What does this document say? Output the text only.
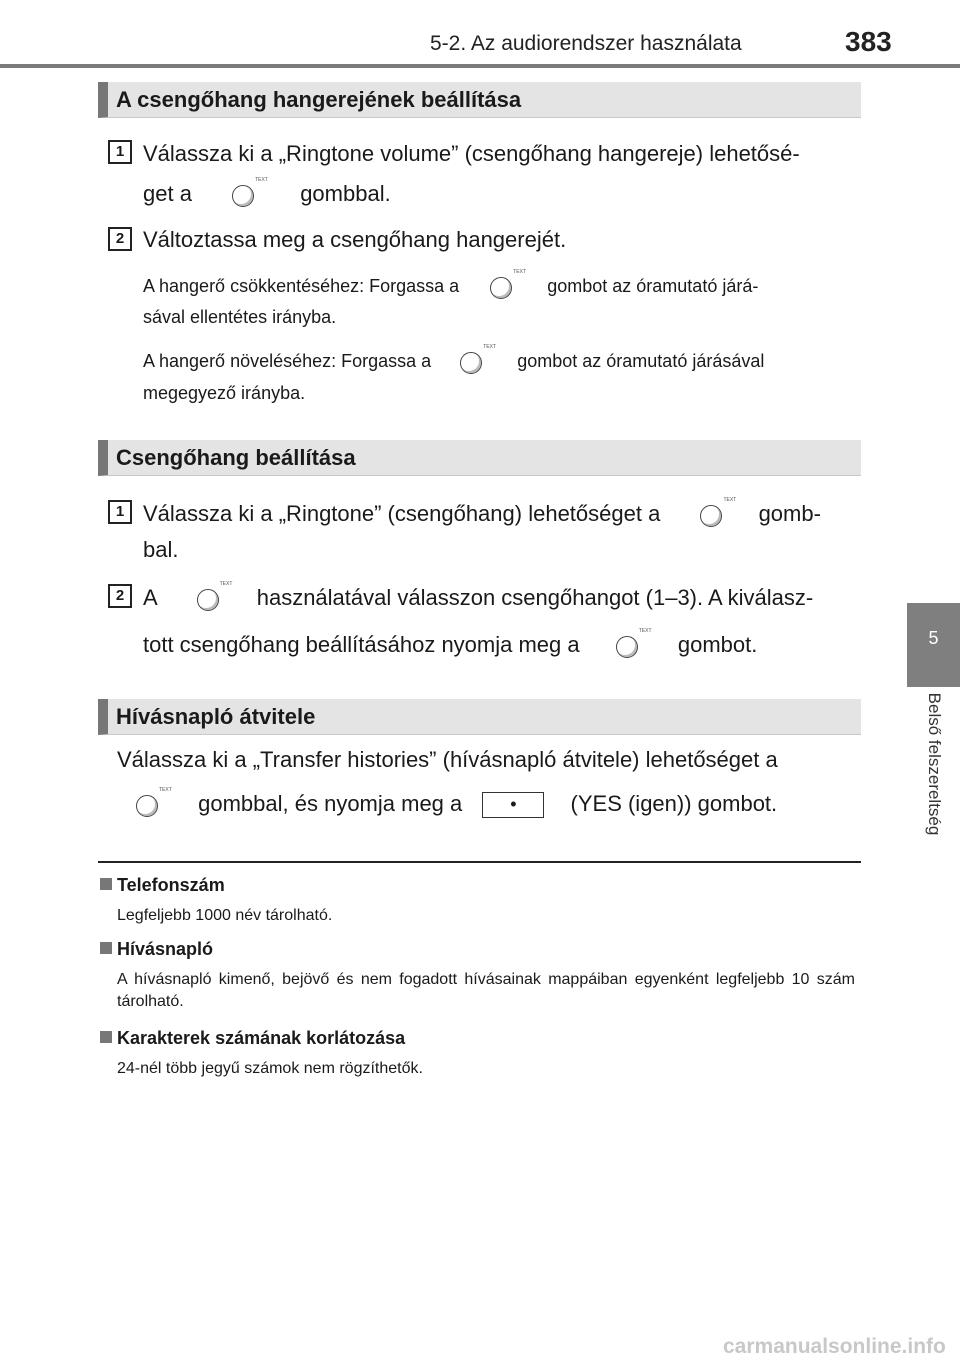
5-2. Az audiorendszer használata	383
5
Belső felszereltség
A csengőhang hangerejének beállítása
1 Válassza ki a „Ringtone volume” (csengőhang hangereje) lehetősé-
get a TEXT	gombbal.
2 Változtassa meg a csengőhang hangerejét.
A hangerő csökkentéséhez: Forgassa a TEXT	gombot az óramutató járá-
sával ellentétes irányba.
A hangerő növeléséhez: Forgassa a TEXT	gombot az óramutató járásával
megegyező irányba.
Csengőhang beállítása
1 Válassza ki a „Ringtone” (csengőhang) lehetőséget a TEXT	gomb-
bal.
2 A TEXT	használatával válasszon csengőhangot (1–3). A kiválasz-
tott csengőhang beállításához nyomja meg a TEXT	gombot.
Hívásnapló átvitele
Válassza ki a „Transfer histories” (hívásnapló átvitele) lehetőséget a
TEXT gombbal, és nyomja meg a	• (YES (igen)) gombot.
Telefonszám
Legfeljebb 1000 név tárolható.
Hívásnapló
A hívásnapló kimenő, bejövő és nem fogadott hívásainak mappáiban egyenként legfeljebb 10 szám tárolható.
Karakterek számának korlátozása
24-nél több jegyű számok nem rögzíthetők.
carmanualsonline.info
